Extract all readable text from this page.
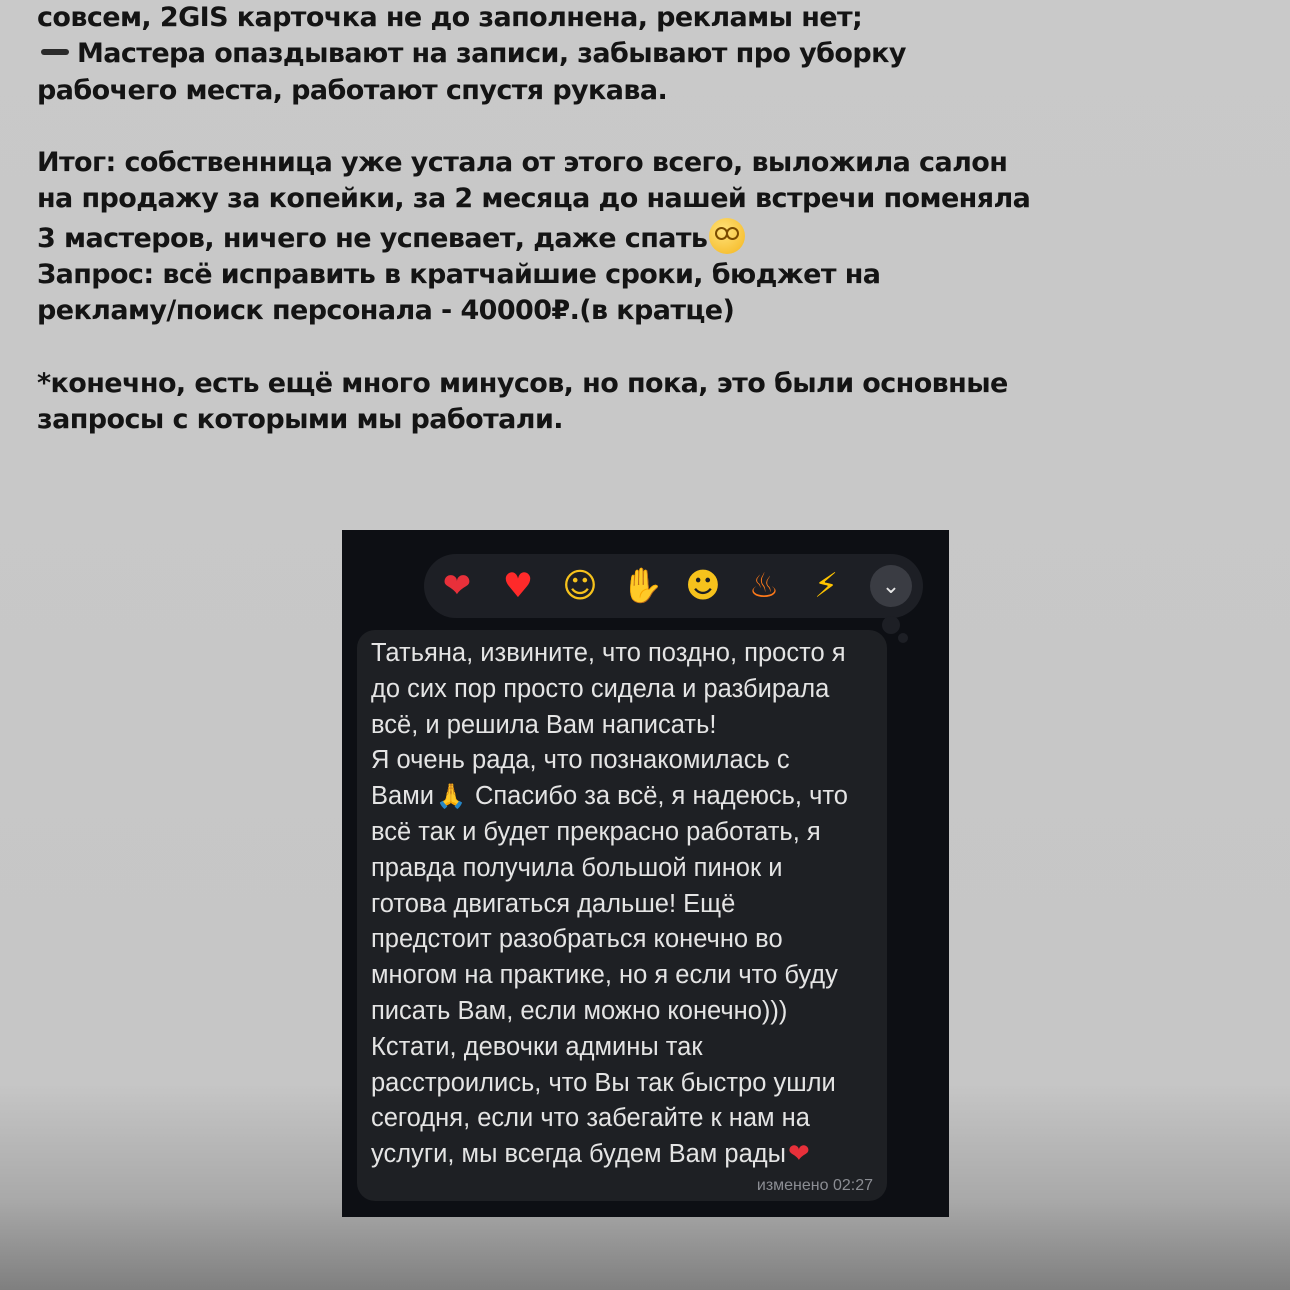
совсем, 2GIS карточка не до заполнена, рекламы нет;
Мастера опаздывают на записи, забывают про уборку
рабочего места, работают спустя рукава.
Итог: собственница уже устала от этого всего, выложила салон
на продажу за копейки, за 2 месяца до нашей встречи поменяла
3 мастеров, ничего не успевает, даже спать
Запрос: всё исправить в кратчайшие сроки, бюджет на
рекламу/поиск персонала - 40000₽.(в кратце)
*конечно, есть ещё много минусов, но пока, это были основные
запросы с которыми мы работали.
❤ ♥ ☺ ✋ ☻ ♨ ⚡	⌄
Татьяна, извините, что поздно, просто я
до сих пор просто сидела и разбирала
всё, и решила Вам написать!
Я очень рада, что познакомилась с
Вами🙏 Спасибо за всё, я надеюсь, что
всё так и будет прекрасно работать, я
правда получила большой пинок и
готова двигаться дальше! Ещё
предстоит разобраться конечно во
многом на практике, но я если что буду
писать Вам, если можно конечно)))
Кстати, девочки админы так
расстроились, что Вы так быстро ушли
сегодня, если что забегайте к нам на
услуги, мы всегда будем Вам рады❤
изменено 02:27
